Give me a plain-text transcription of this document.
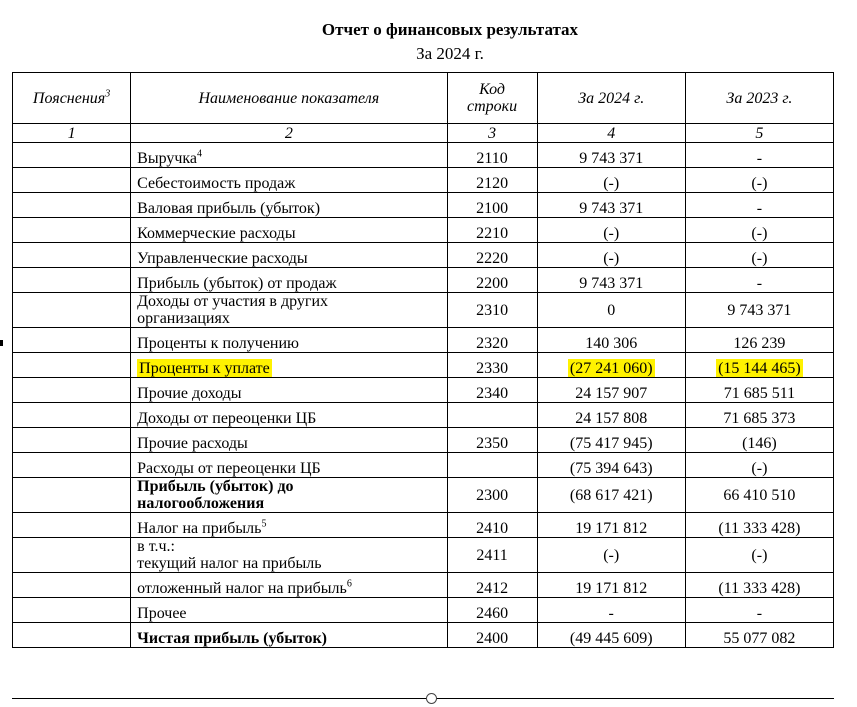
Отчет о финансовых результатах
За 2024 г.
Пояснения$^3$	Наименование показателя	Код
строки	За 2024 г.	За 2023 г.
1	2	3	4	5
	Выручка$^4$	2110	9 743 371	-
	Себестоимость продаж	2120	(-)	(-)
	Валовая прибыль (убыток)	2100	9 743 371	-
	Коммерческие расходы	2210	(-)	(-)
	Управленческие расходы	2220	(-)	(-)
	Прибыль (убыток) от продаж	2200	9 743 371	-
	Доходы от участия в других
организациях	2310	0	9 743 371
	Проценты к получению	2320	140 306	126 239
	Проценты к уплате	2330	(27 241 060)	(15 144 465)
	Прочие доходы	2340	24 157 907	71 685 511
	Доходы от переоценки ЦБ		24 157 808	71 685 373
	Прочие расходы	2350	(75 417 945)	(146)
	Расходы от переоценки ЦБ		(75 394 643)	(-)
	Прибыль (убыток) до
налогообложения	2300	(68 617 421)	66 410 510
	Налог на прибыль$^5$	2410	19 171 812	(11 333 428)
	в т.ч.:
текущий налог на прибыль	2411	(-)	(-)
	отложенный налог на прибыль$^6$	2412	19 171 812	(11 333 428)
	Прочее	2460	-	-
	Чистая прибыль (убыток)	2400	(49 445 609)	55 077 082
